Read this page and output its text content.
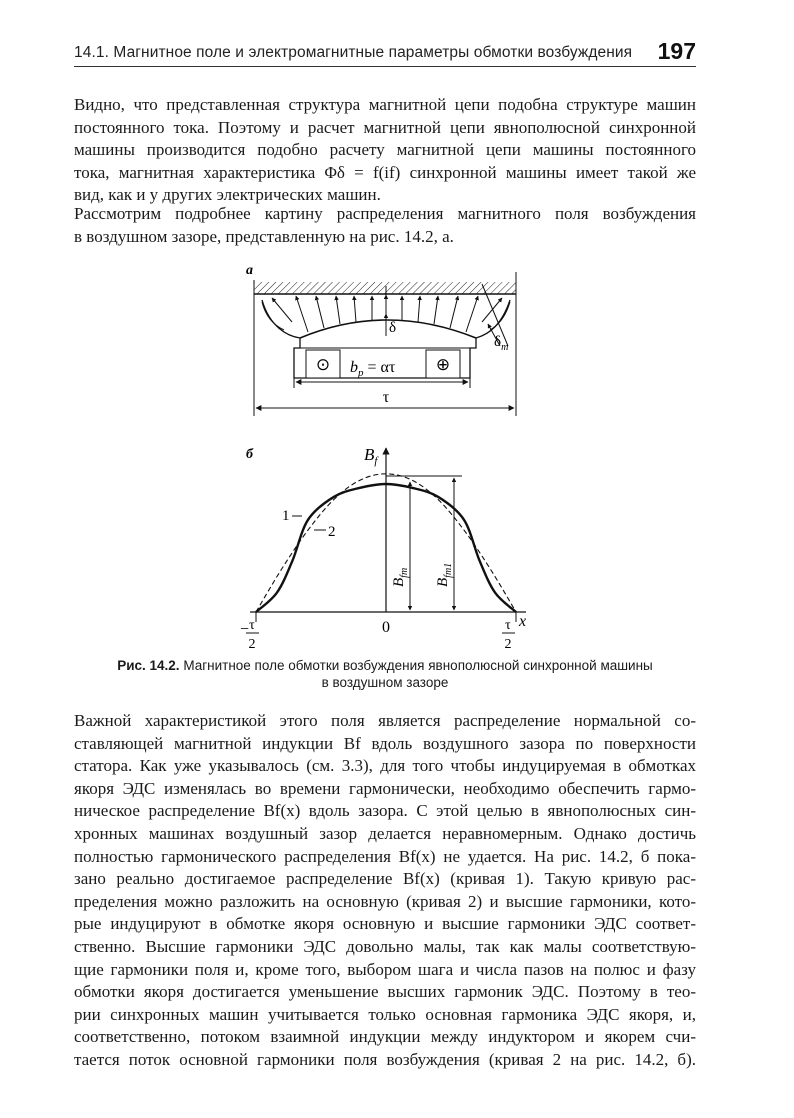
14.1. Магнитное поле и электромагнитные параметры обмотки возбуждения 197
Видно, что представленная структура магнитной цепи подобна структуре машин
постоянного тока. Поэтому и расчет магнитной цепи явнополюсной синхронной
машины производится подобно расчету магнитной цепи машины постоянного
тока, магнитная характеристика Φδ = f(if) синхронной машины имеет такой же
вид, как и у других электрических машин.
Рассмотрим подробнее картину распределения магнитного поля возбуждения
в воздушном зазоре, представленную на рис. 14.2, а.
а
δ
$\delta_m$
⊙	⊕
$b_p = \alpha\tau$
τ
б	$B_f$
x
$B_{fm}$
$B_{fm1}$
1
2
0
− τ
2
τ
2
Рис. 14.2. Магнитное поле обмотки возбуждения явнополюсной синхронной машины
в воздушном зазоре
Важной характеристикой этого поля является распределение нормальной со-
ставляющей магнитной индукции Bf вдоль воздушного зазора по поверхности
статора. Как уже указывалось (см. 3.3), для того чтобы индуцируемая в обмотках
якоря ЭДС изменялась во времени гармонически, необходимо обеспечить гармо-
ническое распределение Bf(x) вдоль зазора. С этой целью в явнополюсных син-
хронных машинах воздушный зазор делается неравномерным. Однако достичь
полностью гармонического распределения Bf(x) не удается. На рис. 14.2, б пока-
зано реально достигаемое распределение Bf(x) (кривая 1). Такую кривую рас-
пределения можно разложить на основную (кривая 2) и высшие гармоники, кото-
рые индуцируют в обмотке якоря основную и высшие гармоники ЭДС соответ-
ственно. Высшие гармоники ЭДС довольно малы, так как малы соответствую-
щие гармоники поля и, кроме того, выбором шага и числа пазов на полюс и фазу
обмотки якоря достигается уменьшение высших гармоник ЭДС. Поэтому в тео-
рии синхронных машин учитывается только основная гармоника ЭДС якоря, и,
соответственно, потоком взаимной индукции между индуктором и якорем счи-
тается поток основной гармоники поля возбуждения (кривая 2 на рис. 14.2, б).
